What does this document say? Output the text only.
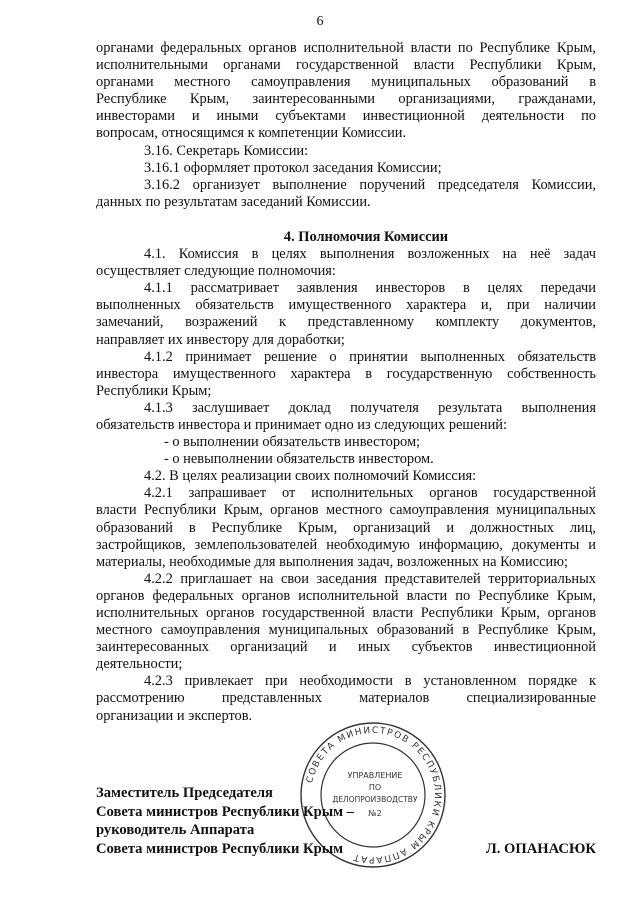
6

органами федеральных органов исполнительной власти по Республике Крым,

исполнительными органами государственной власти Республики Крым,

органами местного самоуправления муниципальных образований в

Республике Крым, заинтересованными организациями, гражданами,

инвесторами и иными субъектами инвестиционной деятельности по

вопросам, относящимся к компетенции Комиссии.

3.16. Секретарь Комиссии:

3.16.1 оформляет протокол заседания Комиссии;

3.16.2 организует выполнение поручений председателя Комиссии,

данных по результатам заседаний Комиссии.

4. Полномочия Комиссии

4.1. Комиссия в целях выполнения возложенных на неё задач

осуществляет следующие полномочия:

4.1.1 рассматривает заявления инвесторов в целях передачи

выполненных обязательств имущественного характера и, при наличии

замечаний, возражений к представленному комплекту документов,

направляет их инвестору для доработки;

4.1.2 принимает решение о принятии выполненных обязательств

инвестора имущественного характера в государственную собственность

Республики Крым;

4.1.3 заслушивает доклад получателя результата выполнения

обязательств инвестора и принимает одно из следующих решений:

- о выполнении обязательств инвестором;

- о невыполнении обязательств инвестором.

4.2. В целях реализации своих полномочий Комиссия:

4.2.1 запрашивает от исполнительных органов государственной

власти Республики Крым, органов местного самоуправления муниципальных

образований в Республике Крым, организаций и должностных лиц,

застройщиков, землепользователей необходимую информацию, документы и

материалы, необходимые для выполнения задач, возложенных на Комиссию;

4.2.2 приглашает на свои заседания представителей территориальных

органов федеральных органов исполнительной власти по Республике Крым,

исполнительных органов государственной власти Республики Крым, органов

местного самоуправления муниципальных образований в Республике Крым,

заинтересованных организаций и иных субъектов инвестиционной

деятельности;

4.2.3 привлекает при необходимости в установленном порядке к

рассмотрению представленных материалов специализированные

организации и экспертов.

СОВЕТА МИНИСТРОВ РЕСПУБЛИКИ КРЫМ АППАРАТ
УПРАВЛЕНИЕ
ПО
ДЕЛОПРОИЗВОДСТВУ
№2

Заместитель Председателя

Совета министров Республики Крым –

руководитель Аппарата

Совета министров Республики Крым	Л. ОПАНАСЮК
